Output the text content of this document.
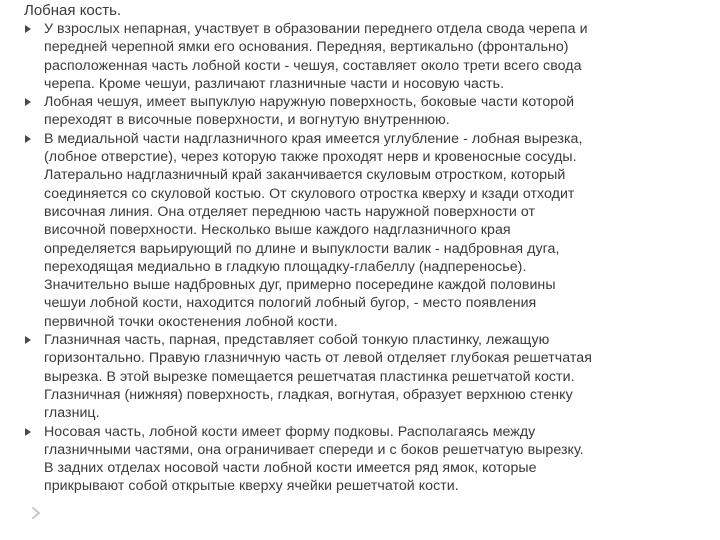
Лобная кость.
У взрослых непарная, участвует в образовании переднего отдела свода черепа и
передней черепной ямки его основания. Передняя, вертикально (фронтально)
расположенная часть лобной кости - чешуя, составляет около трети всего свода
черепа. Кроме чешуи, различают глазничные части и носовую часть.
Лобная чешуя, имеет выпуклую наружную поверхность, боковые части которой
переходят в височные поверхности, и вогнутую внутреннюю.
В медиальной части надглазничного края имеется углубление - лобная вырезка,
(лобное отверстие), через которую также проходят нерв и кровеносные сосуды.
Латерально надглазничный край заканчивается скуловым отростком, который
соединяется со скуловой костью. От скулового отростка кверху и кзади отходит
височная линия. Она отделяет переднюю часть наружной поверхности от
височной поверхности. Несколько выше каждого надглазничного края
определяется варьирующий по длине и выпуклости валик - надбровная дуга,
переходящая медиально в гладкую площадку-глабеллу (надпереносье).
Значительно выше надбровных дуг, примерно посередине каждой половины
чешуи лобной кости, находится пологий лобный бугор, - место появления
первичной точки окостенения лобной кости.
Глазничная часть, парная, представляет собой тонкую пластинку, лежащую
горизонтально. Правую глазничную часть от левой отделяет глубокая решетчатая
вырезка. В этой вырезке помещается решетчатая пластинка решетчатой кости.
Глазничная (нижняя) поверхность, гладкая, вогнутая, образует верхнюю стенку
глазниц.
Носовая часть, лобной кости имеет форму подковы. Располагаясь между
глазничными частями, она ограничивает спереди и с боков решетчатую вырезку.
В задних отделах носовой части лобной кости имеется ряд ямок, которые
прикрывают собой открытые кверху ячейки решетчатой кости.
